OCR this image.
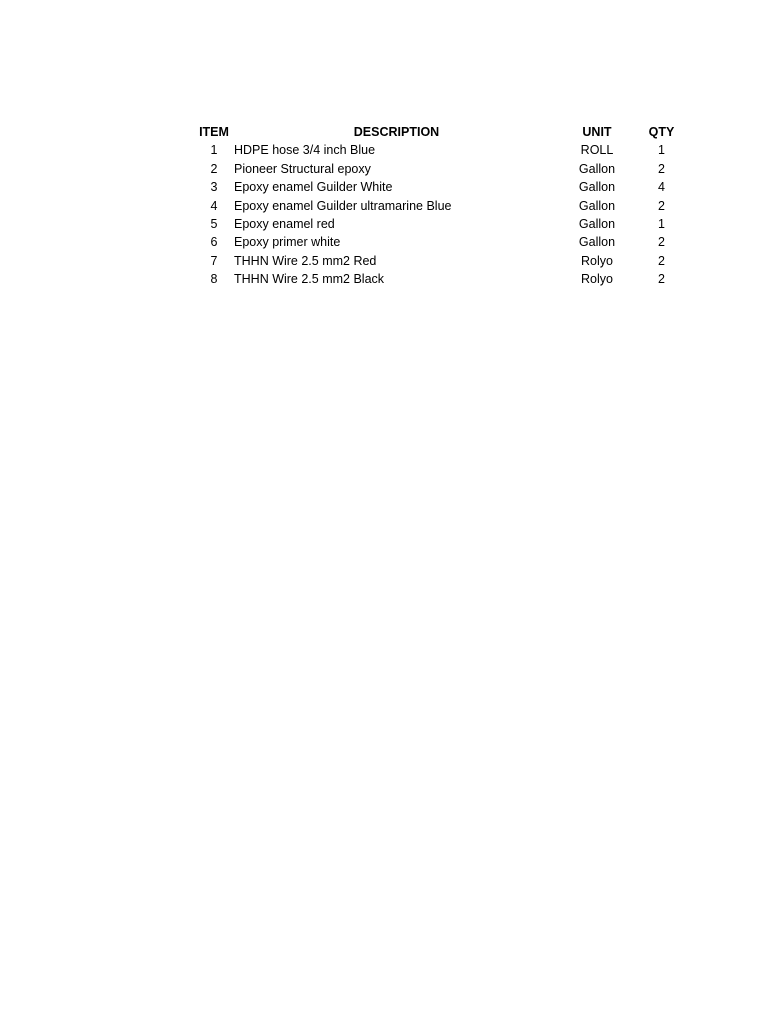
ITEM	DESCRIPTION	UNIT	QTY
1	HDPE hose 3/4 inch Blue	ROLL	1
2	Pioneer Structural epoxy	Gallon	2
3	Epoxy enamel Guilder White	Gallon	4
4	Epoxy enamel Guilder ultramarine Blue	Gallon	2
5	Epoxy enamel red	Gallon	1
6	Epoxy primer white	Gallon	2
7	THHN Wire 2.5 mm2 Red	Rolyo	2
8	THHN Wire 2.5 mm2 Black	Rolyo	2
